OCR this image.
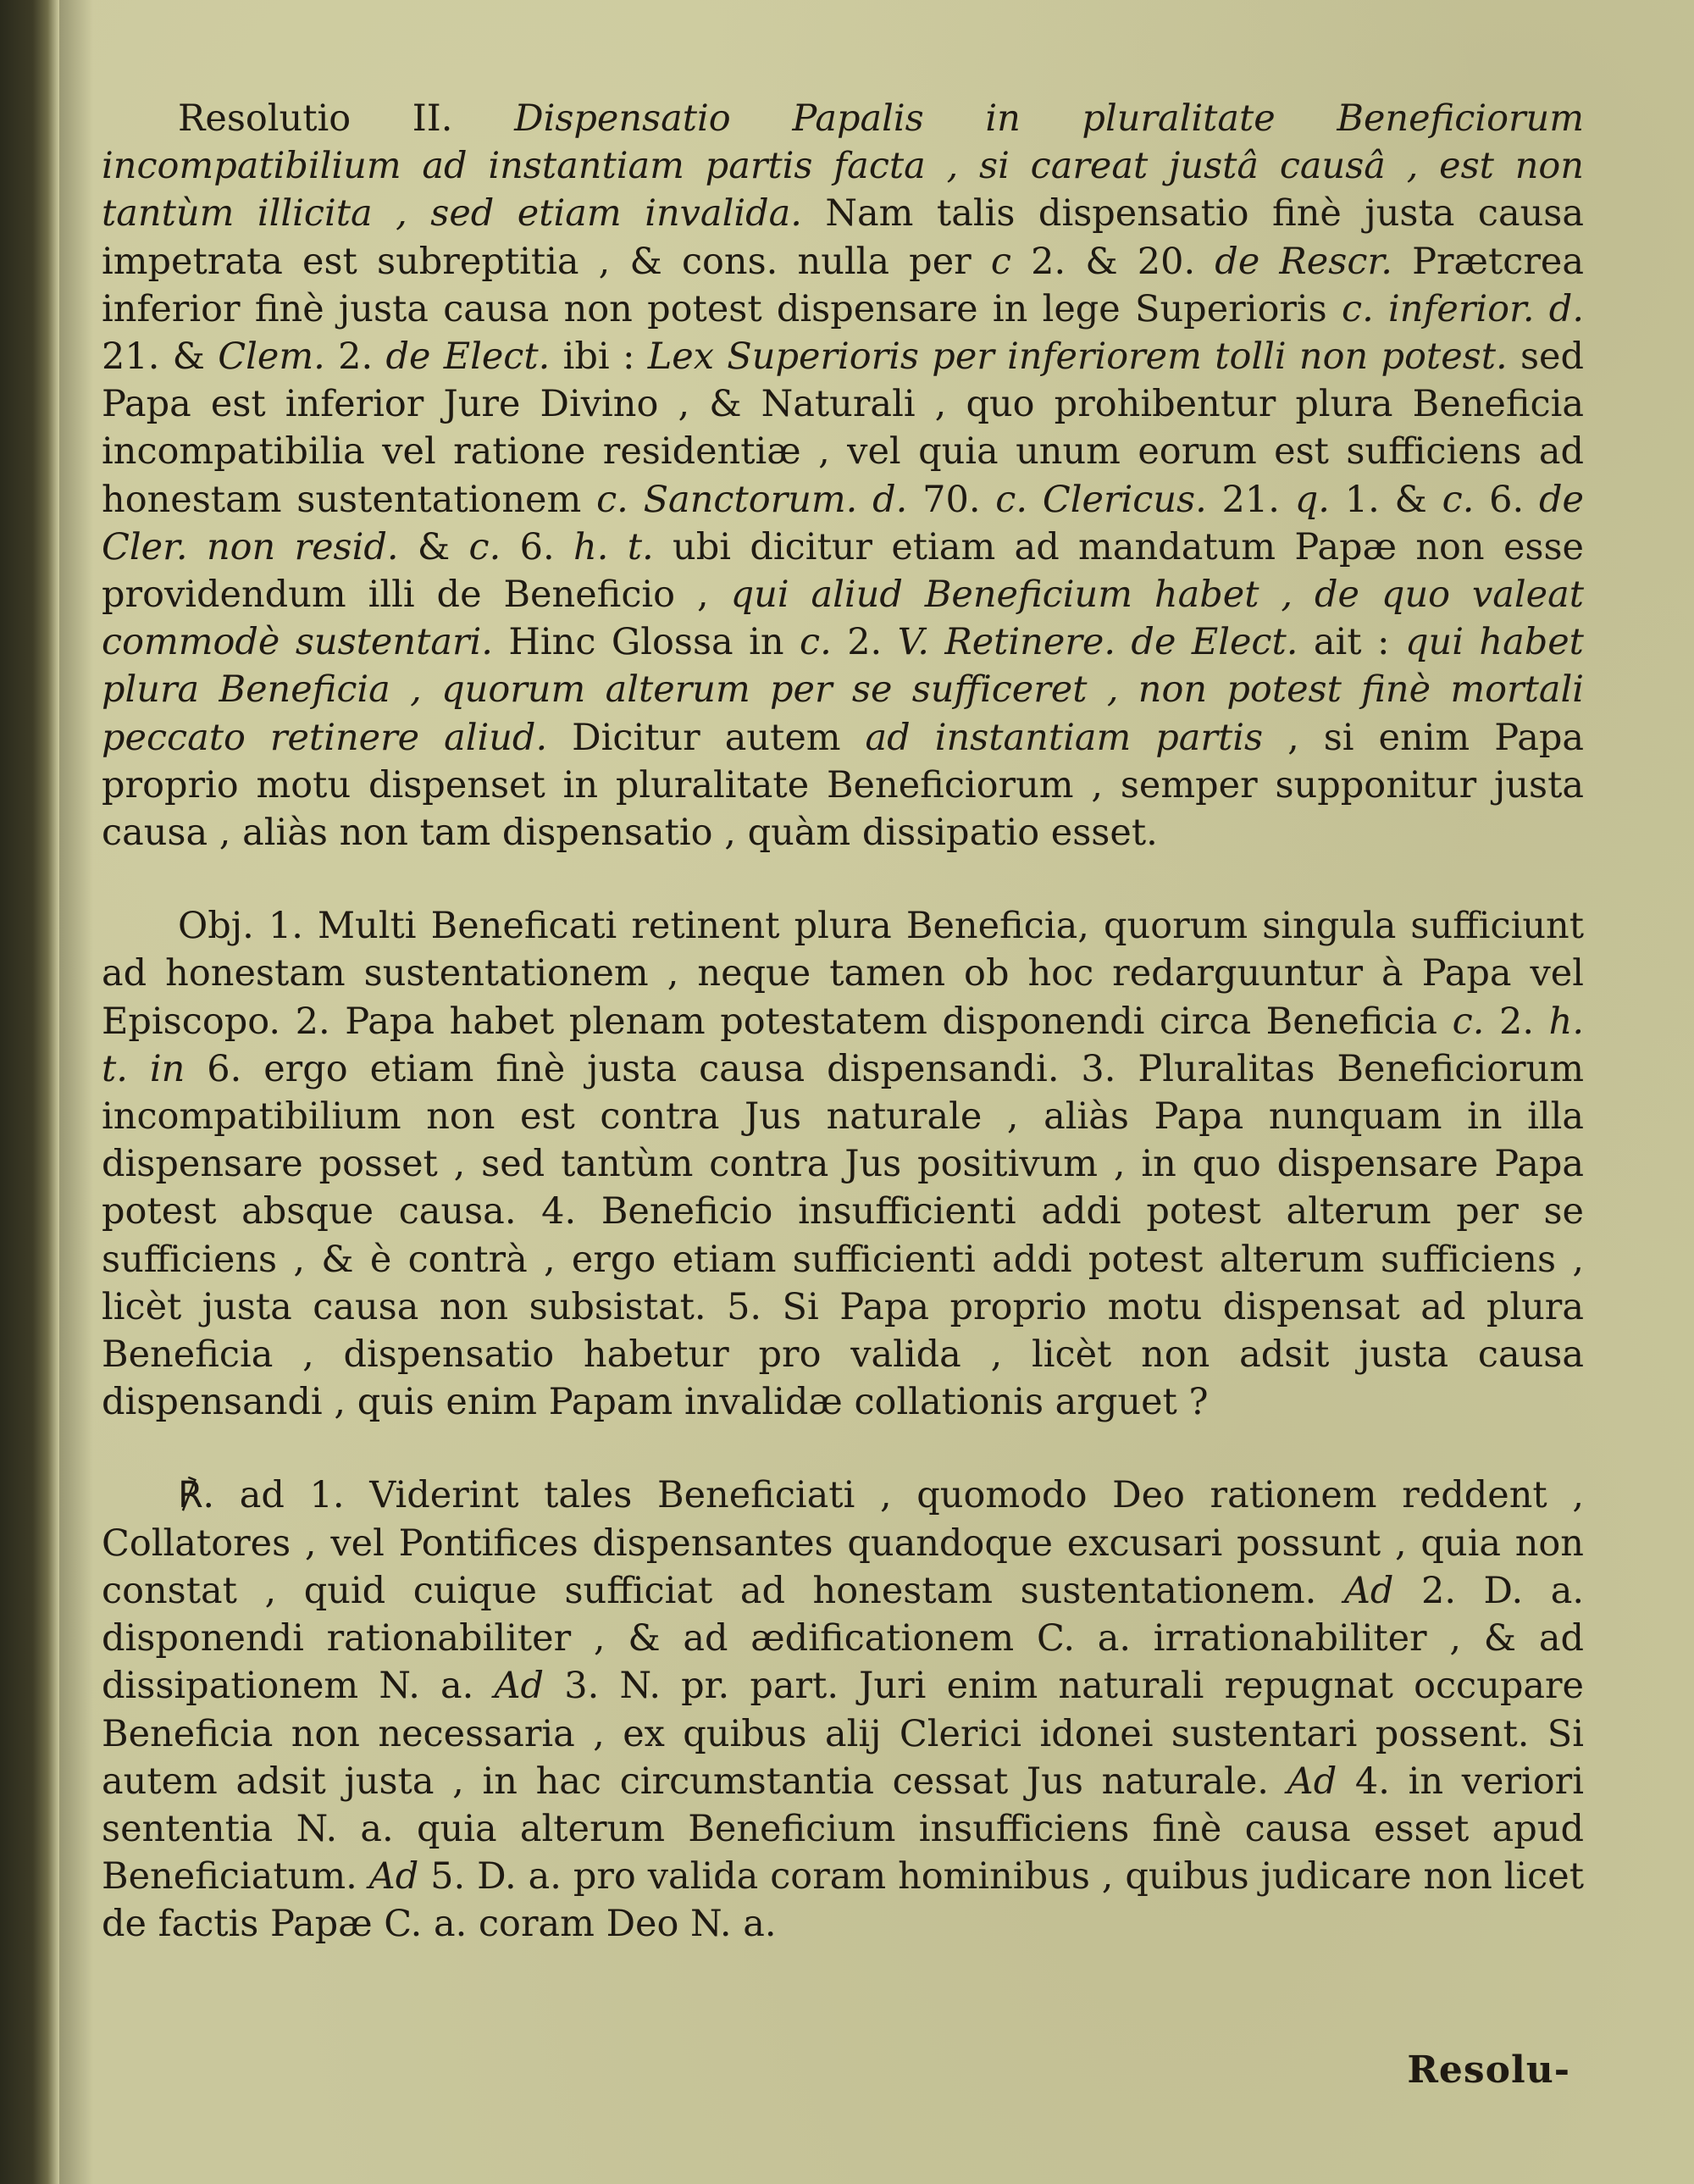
Resolutio II. Dispensatio Papalis in pluralitate Beneficiorum incompatibilium ad instantiam partis facta , si careat justâ causâ , est non tantùm illicita , sed etiam invalida. Nam talis dispensatio finè justa causa impetrata est subreptitia , & cons. nulla per c 2. & 20. de Rescr. Prætcrea inferior finè justa causa non potest dispensare in lege Superioris c. inferior. d. 21. & Clem. 2. de Elect. ibi : Lex Superioris per inferiorem tolli non potest. sed Papa est inferior Jure Divino , & Naturali , quo prohibentur plura Beneficia incompatibilia vel ratione residentiæ , vel quia unum eorum est sufficiens ad honestam sustentationem c. Sanctorum. d. 70. c. Clericus. 21. q. 1. & c. 6. de Cler. non resid. & c. 6. h. t. ubi dicitur etiam ad mandatum Papæ non esse providendum illi de Beneficio , qui aliud Beneficium habet , de quo valeat commodè sustentari. Hinc Glossa in c. 2. V. Retinere. de Elect. ait : qui habet plura Beneficia , quorum alterum per se sufficeret , non potest finè mortali peccato retinere aliud. Dicitur autem ad instantiam partis , si enim Papa proprio motu dispenset in pluralitate Beneficiorum , semper supponitur justa causa , aliàs non tam dispensatio , quàm dissipatio esset.

Obj. 1. Multi Beneficati retinent plura Beneficia, quorum singula sufficiunt ad honestam sustentationem , neque tamen ob hoc redarguuntur à Papa vel Episcopo. 2. Papa habet plenam potestatem disponendi circa Beneficia c. 2. h. t. in 6. ergo etiam finè justa causa dispensandi. 3. Pluralitas Beneficiorum incompatibilium non est contra Jus naturale , aliàs Papa nunquam in illa dispensare posset , sed tantùm contra Jus positivum , in quo dispensare Papa potest absque causa. 4. Beneficio insufficienti addi potest alterum per se sufficiens , & è contrà , ergo etiam sufficienti addi potest alterum sufficiens , licèt justa causa non subsistat. 5. Si Papa proprio motu dispensat ad plura Beneficia , dispensatio habetur pro valida , licèt non adsit justa causa dispensandi , quis enim Papam invalidæ collationis arguet ?

℟. ad 1. Viderint tales Beneficiati , quomodo Deo rationem reddent , Collatores , vel Pontifices dispensantes quandoque excusari possunt , quia non constat , quid cuique sufficiat ad honestam sustentationem. Ad 2. D. a. disponendi rationabiliter , & ad ædificationem C. a. irrationabiliter , & ad dissipationem N. a. Ad 3. N. pr. part. Juri enim naturali repugnat occupare Beneficia non necessaria , ex quibus alij Clerici idonei sustentari possent. Si autem adsit justa , in hac circumstantia cessat Jus naturale. Ad 4. in veriori sententia N. a. quia alterum Beneficium insufficiens finè causa esset apud Beneficiatum. Ad 5. D. a. pro valida coram hominibus , quibus judicare non licet de factis Papæ C. a. coram Deo N. a.

Resolu-
